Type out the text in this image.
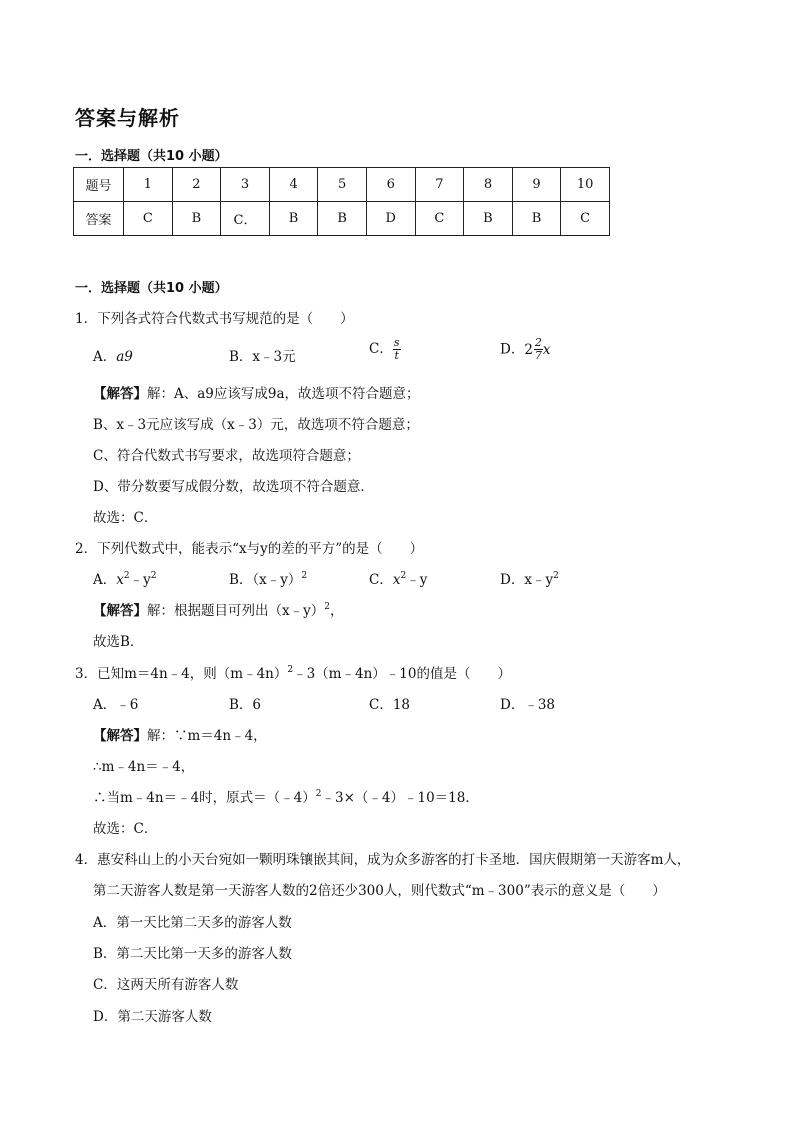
答案与解析
一．选择题（共10 小题）
题号	1	2	3	4	5	6	7	8	9	10
答案	C	B	C．	B	B	D	C	B	B	C
一．选择题（共10 小题）
1．下列各式符合代数式书写规范的是（　　）
A．a9	B．x﹣3元	C． $\frac{s}{t}$	D． $2 \frac{2}{7}$ x
【解答】解：A、a9应该写成9a，故选项不符合题意；
B、x﹣3元应该写成（x﹣3）元，故选项不符合题意；
C、符合代数式书写要求，故选项符合题意；
D、带分数要写成假分数，故选项不符合题意．
故选：C．
2．下列代数式中，能表示“x与y的差的平方”的是（　　）
A．$x^2﹣y^2$	B．（x﹣y）$^2$	C．$x^2﹣y$	D．$x﹣y^2$
【解答】解：根据题目可列出（x﹣y）$^2$，
故选B．
3．已知m＝4n﹣4，则（m﹣4n）$^2$﹣3（m﹣4n）﹣10的值是（　　）
A．﹣6	B．6	C．18	D．﹣38
【解答】解：∵m＝4n﹣4，
∴m﹣4n＝﹣4，
∴当m﹣4n＝﹣4时，原式＝（﹣4）$^2$﹣3×（﹣4）﹣10＝18．
故选：C．
4．惠安科山上的小天台宛如一颗明珠镶嵌其间，成为众多游客的打卡圣地．国庆假期第一天游客m人，
第二天游客人数是第一天游客人数的2倍还少300人，则代数式“m﹣300”表示的意义是（　　）
A．第一天比第二天多的游客人数
B．第二天比第一天多的游客人数
C．这两天所有游客人数
D．第二天游客人数
